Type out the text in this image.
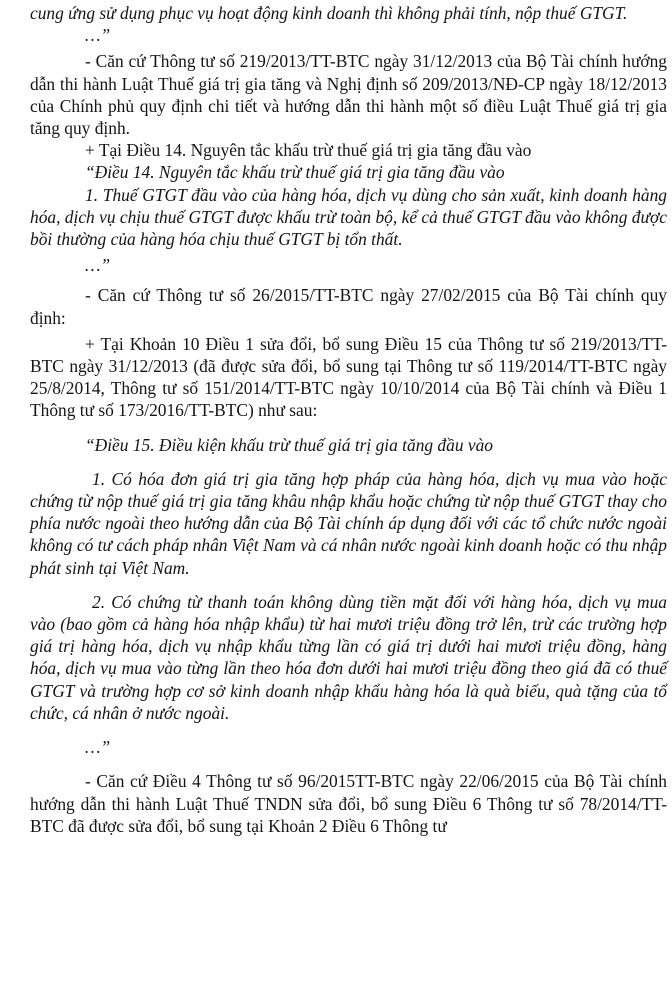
cung ứng sử dụng phục vụ hoạt động kinh doanh thì không phải tính, nộp thuế GTGT.

…”

- Căn cứ Thông tư số 219/2013/TT-BTC ngày 31/12/2013 của Bộ Tài chính hướng dẫn thi hành Luật Thuế giá trị gia tăng và Nghị định số 209/2013/NĐ-CP ngày 18/12/2013 của Chính phủ quy định chi tiết và hướng dẫn thi hành một số điều Luật Thuế giá trị gia tăng quy định.

+ Tại Điều 14. Nguyên tắc khấu trừ thuế giá trị gia tăng đầu vào

“Điều 14. Nguyên tắc khấu trừ thuế giá trị gia tăng đầu vào

1. Thuế GTGT đầu vào của hàng hóa, dịch vụ dùng cho sản xuất, kinh doanh hàng hóa, dịch vụ chịu thuế GTGT được khấu trừ toàn bộ, kể cả thuế GTGT đầu vào không được bồi thường của hàng hóa chịu thuế GTGT bị tổn thất.

…”

- Căn cứ Thông tư số 26/2015/TT-BTC ngày 27/02/2015 của Bộ Tài chính quy định:

+ Tại Khoản 10 Điều 1 sửa đổi, bổ sung Điều 15 của Thông tư số 219/2013/TT-BTC ngày 31/12/2013 (đã được sửa đổi, bổ sung tại Thông tư số 119/2014/TT-BTC ngày 25/8/2014, Thông tư số 151/2014/TT-BTC ngày 10/10/2014 của Bộ Tài chính và Điều 1 Thông tư số 173/2016/TT-BTC) như sau:

“Điều 15. Điều kiện khấu trừ thuế giá trị gia tăng đầu vào

1. Có hóa đơn giá trị gia tăng hợp pháp của hàng hóa, dịch vụ mua vào hoặc chứng từ nộp thuế giá trị gia tăng khâu nhập khẩu hoặc chứng từ nộp thuế GTGT thay cho phía nước ngoài theo hướng dẫn của Bộ Tài chính áp dụng đối với các tổ chức nước ngoài không có tư cách pháp nhân Việt Nam và cá nhân nước ngoài kinh doanh hoặc có thu nhập phát sinh tại Việt Nam.

2. Có chứng từ thanh toán không dùng tiền mặt đối với hàng hóa, dịch vụ mua vào (bao gồm cả hàng hóa nhập khẩu) từ hai mươi triệu đồng trở lên, trừ các trường hợp giá trị hàng hóa, dịch vụ nhập khẩu từng lần có giá trị dưới hai mươi triệu đồng, hàng hóa, dịch vụ mua vào từng lần theo hóa đơn dưới hai mươi triệu đồng theo giá đã có thuế GTGT và trường hợp cơ sở kinh doanh nhập khẩu hàng hóa là quà biếu, quà tặng của tổ chức, cá nhân ở nước ngoài.

…”

- Căn cứ Điều 4 Thông tư số 96/2015TT-BTC ngày 22/06/2015 của Bộ Tài chính hướng dẫn thi hành Luật Thuế TNDN sửa đổi, bổ sung Điều 6 Thông tư số 78/2014/TT-BTC đã được sửa đổi, bổ sung tại Khoản 2 Điều 6 Thông tư
